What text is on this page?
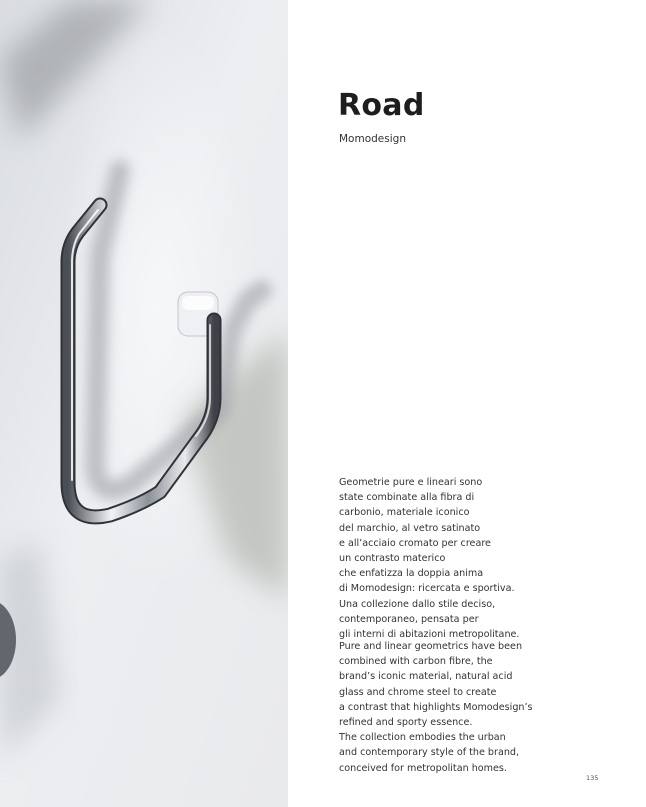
Road
Momodesign

Geometrie pure e lineari sono
state combinate alla fibra di
carbonio, materiale iconico
del marchio, al vetro satinato
e all’acciaio cromato per creare
un contrasto materico
che enfatizza la doppia anima
di Momodesign: ricercata e sportiva.
Una collezione dallo stile deciso,
contemporaneo, pensata per
gli interni di abitazioni metropolitane.

Pure and linear geometrics have been
combined with carbon fibre, the
brand’s iconic material, natural acid
glass and chrome steel to create
a contrast that highlights Momodesign’s
refined and sporty essence.
The collection embodies the urban
and contemporary style of the brand,
conceived for metropolitan homes.

135
